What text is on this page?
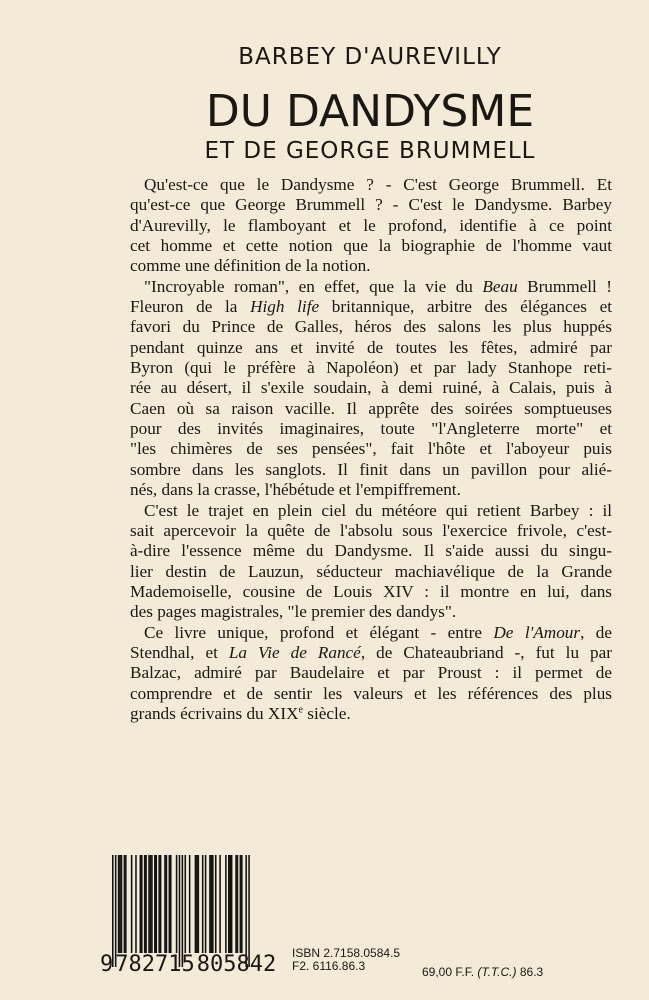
BARBEY D'AUREVILLY
DU DANDYSME
ET DE GEORGE BRUMMELL
Qu'est-ce que le Dandysme ? - C'est George Brummell. Et
qu'est-ce que George Brummell ? - C'est le Dandysme. Barbey
d'Aurevilly, le flamboyant et le profond, identifie à ce point
cet homme et cette notion que la biographie de l'homme vaut
comme une définition de la notion.
"Incroyable roman", en effet, que la vie du Beau Brummell !
Fleuron de la High life britannique, arbitre des élégances et
favori du Prince de Galles, héros des salons les plus huppés
pendant quinze ans et invité de toutes les fêtes, admiré par
Byron (qui le préfère à Napoléon) et par lady Stanhope reti-
rée au désert, il s'exile soudain, à demi ruiné, à Calais, puis à
Caen où sa raison vacille. Il apprête des soirées somptueuses
pour des invités imaginaires, toute "l'Angleterre morte" et
"les chimères de ses pensées", fait l'hôte et l'aboyeur puis
sombre dans les sanglots. Il finit dans un pavillon pour alié-
nés, dans la crasse, l'hébétude et l'empiffrement.
C'est le trajet en plein ciel du météore qui retient Barbey : il
sait apercevoir la quête de l'absolu sous l'exercice frivole, c'est-
à-dire l'essence même du Dandysme. Il s'aide aussi du singu-
lier destin de Lauzun, séducteur machiavélique de la Grande
Mademoiselle, cousine de Louis XIV : il montre en lui, dans
des pages magistrales, "le premier des dandys".
Ce livre unique, profond et élégant - entre De l'Amour, de
Stendhal, et La Vie de Rancé, de Chateaubriand -, fut lu par
Balzac, admiré par Baudelaire et par Proust : il permet de
comprendre et de sentir les valeurs et les références des plus
grands écrivains du XIXe siècle.
9782715805842 ISBN 2.7158.0584.5
F2. 6116.86.3	69,00 F.F. (T.T.C.) 86.3
